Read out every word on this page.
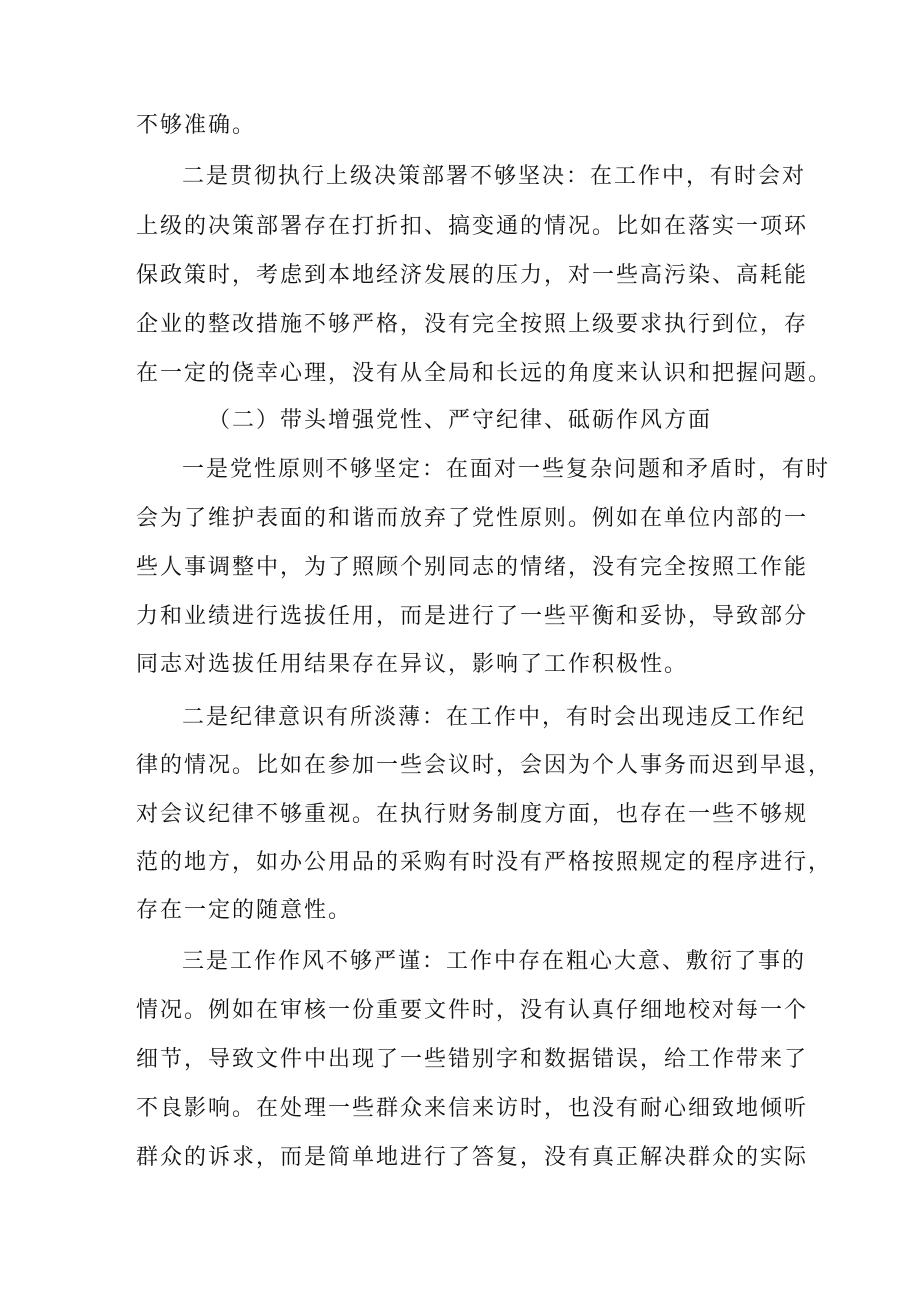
不够准确。
二是贯彻执行上级决策部署不够坚决：在工作中，有时会对
上级的决策部署存在打折扣、搞变通的情况。比如在落实一项环
保政策时，考虑到本地经济发展的压力，对一些高污染、高耗能
企业的整改措施不够严格，没有完全按照上级要求执行到位，存
在一定的侥幸心理，没有从全局和长远的角度来认识和把握问题。
（二）带头增强党性、严守纪律、砥砺作风方面
一是党性原则不够坚定：在面对一些复杂问题和矛盾时，有时
会为了维护表面的和谐而放弃了党性原则。例如在单位内部的一
些人事调整中，为了照顾个别同志的情绪，没有完全按照工作能
力和业绩进行选拔任用，而是进行了一些平衡和妥协，导致部分
同志对选拔任用结果存在异议，影响了工作积极性。
二是纪律意识有所淡薄：在工作中，有时会出现违反工作纪
律的情况。比如在参加一些会议时，会因为个人事务而迟到早退，
对会议纪律不够重视。在执行财务制度方面，也存在一些不够规
范的地方，如办公用品的采购有时没有严格按照规定的程序进行，
存在一定的随意性。
三是工作作风不够严谨：工作中存在粗心大意、敷衍了事的
情况。例如在审核一份重要文件时，没有认真仔细地校对每一个
细节，导致文件中出现了一些错别字和数据错误，给工作带来了
不良影响。在处理一些群众来信来访时，也没有耐心细致地倾听
群众的诉求，而是简单地进行了答复，没有真正解决群众的实际
